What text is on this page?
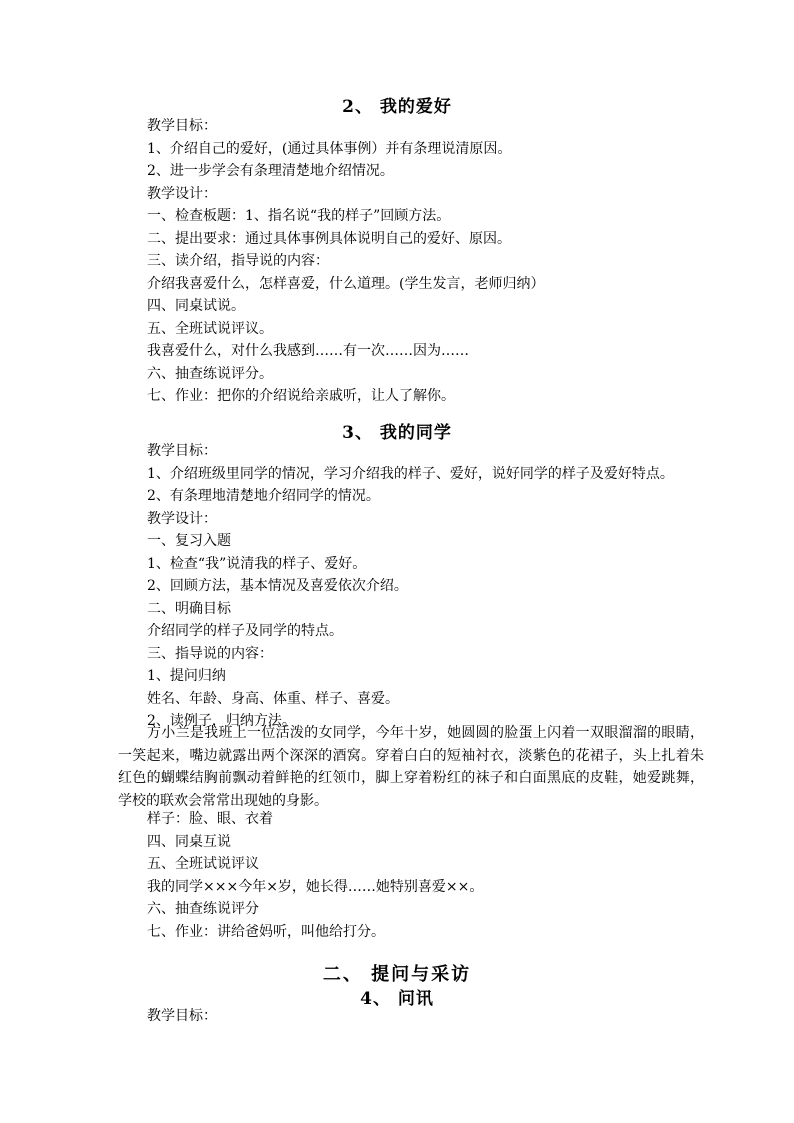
2、 我的爱好

教学目标：

1、介绍自己的爱好，(通过具体事例）并有条理说清原因。

2、进一步学会有条理清楚地介绍情况。

教学设计：

一、检查板题：1、指名说“我的样子”回顾方法。

二、提出要求：通过具体事例具体说明自己的爱好、原因。

三、读介绍，指导说的内容：

介绍我喜爱什么，怎样喜爱，什么道理。(学生发言，老师归纳）

四、同桌试说。

五、全班试说评议。

我喜爱什么，对什么我感到……有一次……因为……

六、抽查练说评分。

七、作业：把你的介绍说给亲戚听，让人了解你。

3、 我的同学

教学目标：

1、介绍班级里同学的情况，学习介绍我的样子、爱好，说好同学的样子及爱好特点。

2、有条理地清楚地介绍同学的情况。

教学设计：

一、复习入题

1、检查“我”说清我的样子、爱好。

2、回顾方法，基本情况及喜爱依次介绍。

二、明确目标

介绍同学的样子及同学的特点。

三、指导说的内容：

1、提问归纳

姓名、年龄、身高、体重、样子、喜爱。

2、读例子，归纳方法。

方小兰是我班上一位活泼的女同学，今年十岁，她圆圆的脸蛋上闪着一双眼溜溜的眼睛，一笑起来，嘴边就露出两个深深的酒窝。穿着白白的短袖衬衣，淡紫色的花裙子，头上扎着朱红色的蝴蝶结胸前飘动着鲜艳的红领巾，脚上穿着粉红的袜子和白面黑底的皮鞋，她爱跳舞，学校的联欢会常常出现她的身影。

样子：脸、眼、衣着

四、同桌互说

五、全班试说评议

我的同学×××今年×岁，她长得……她特别喜爱××。

六、抽查练说评分

七、作业：讲给爸妈听，叫他给打分。

二、 提问与采访
4、 问讯

教学目标：
